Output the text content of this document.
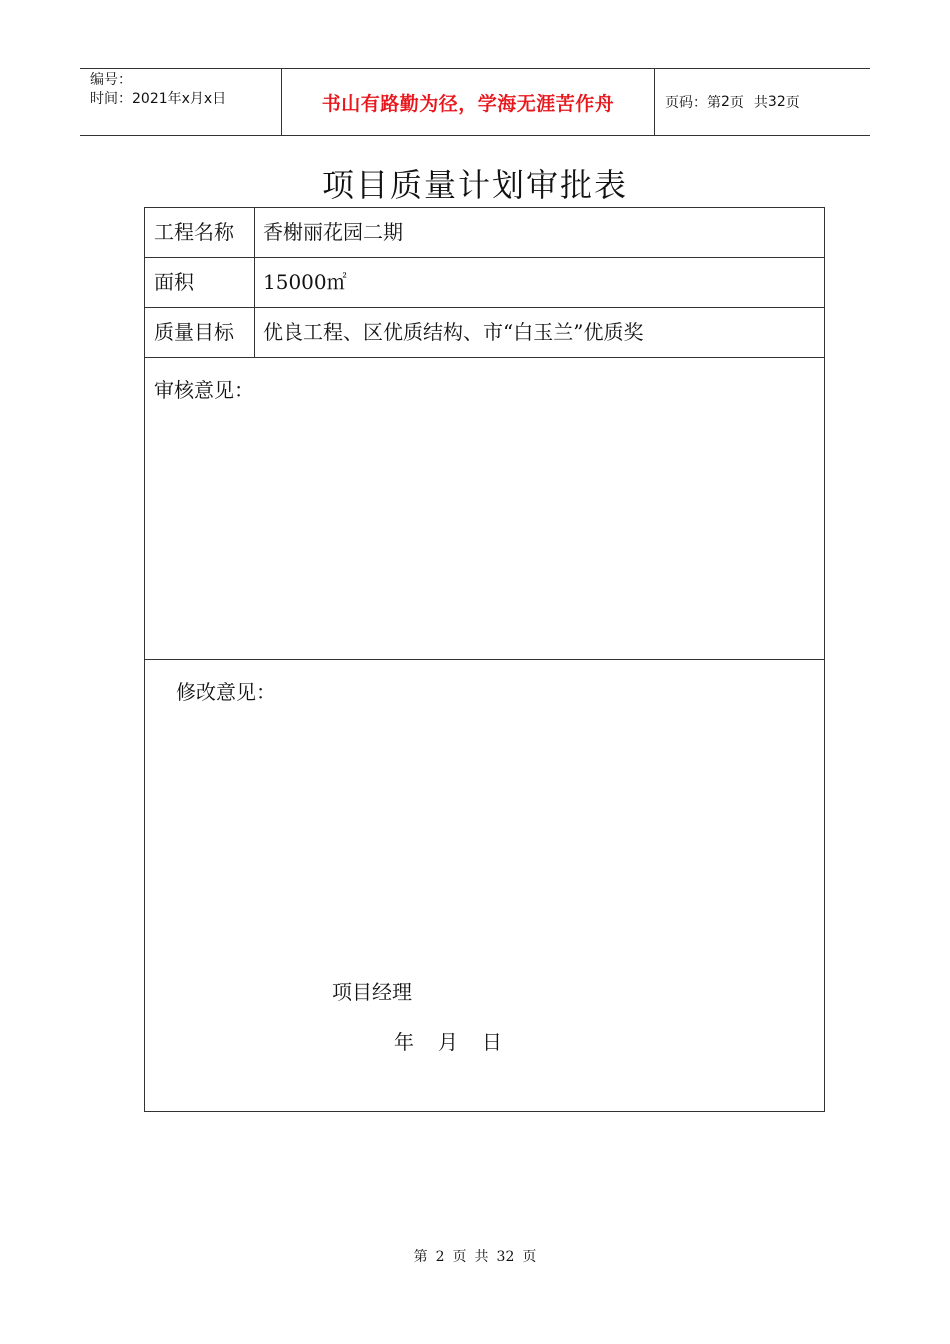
编号：
时间：2021年x月x日	书山有路勤为径，学海无涯苦作舟	页码：第 2 页 共 32 页
项目质量计划审批表
工程名称	香榭丽花园二期
面积	15000㎡
质量目标	优良工程、区优质结构、市“白玉兰”优质奖
审核意见：
修改意见：
项目经理
年 月 日
第 2 页 共 32 页
